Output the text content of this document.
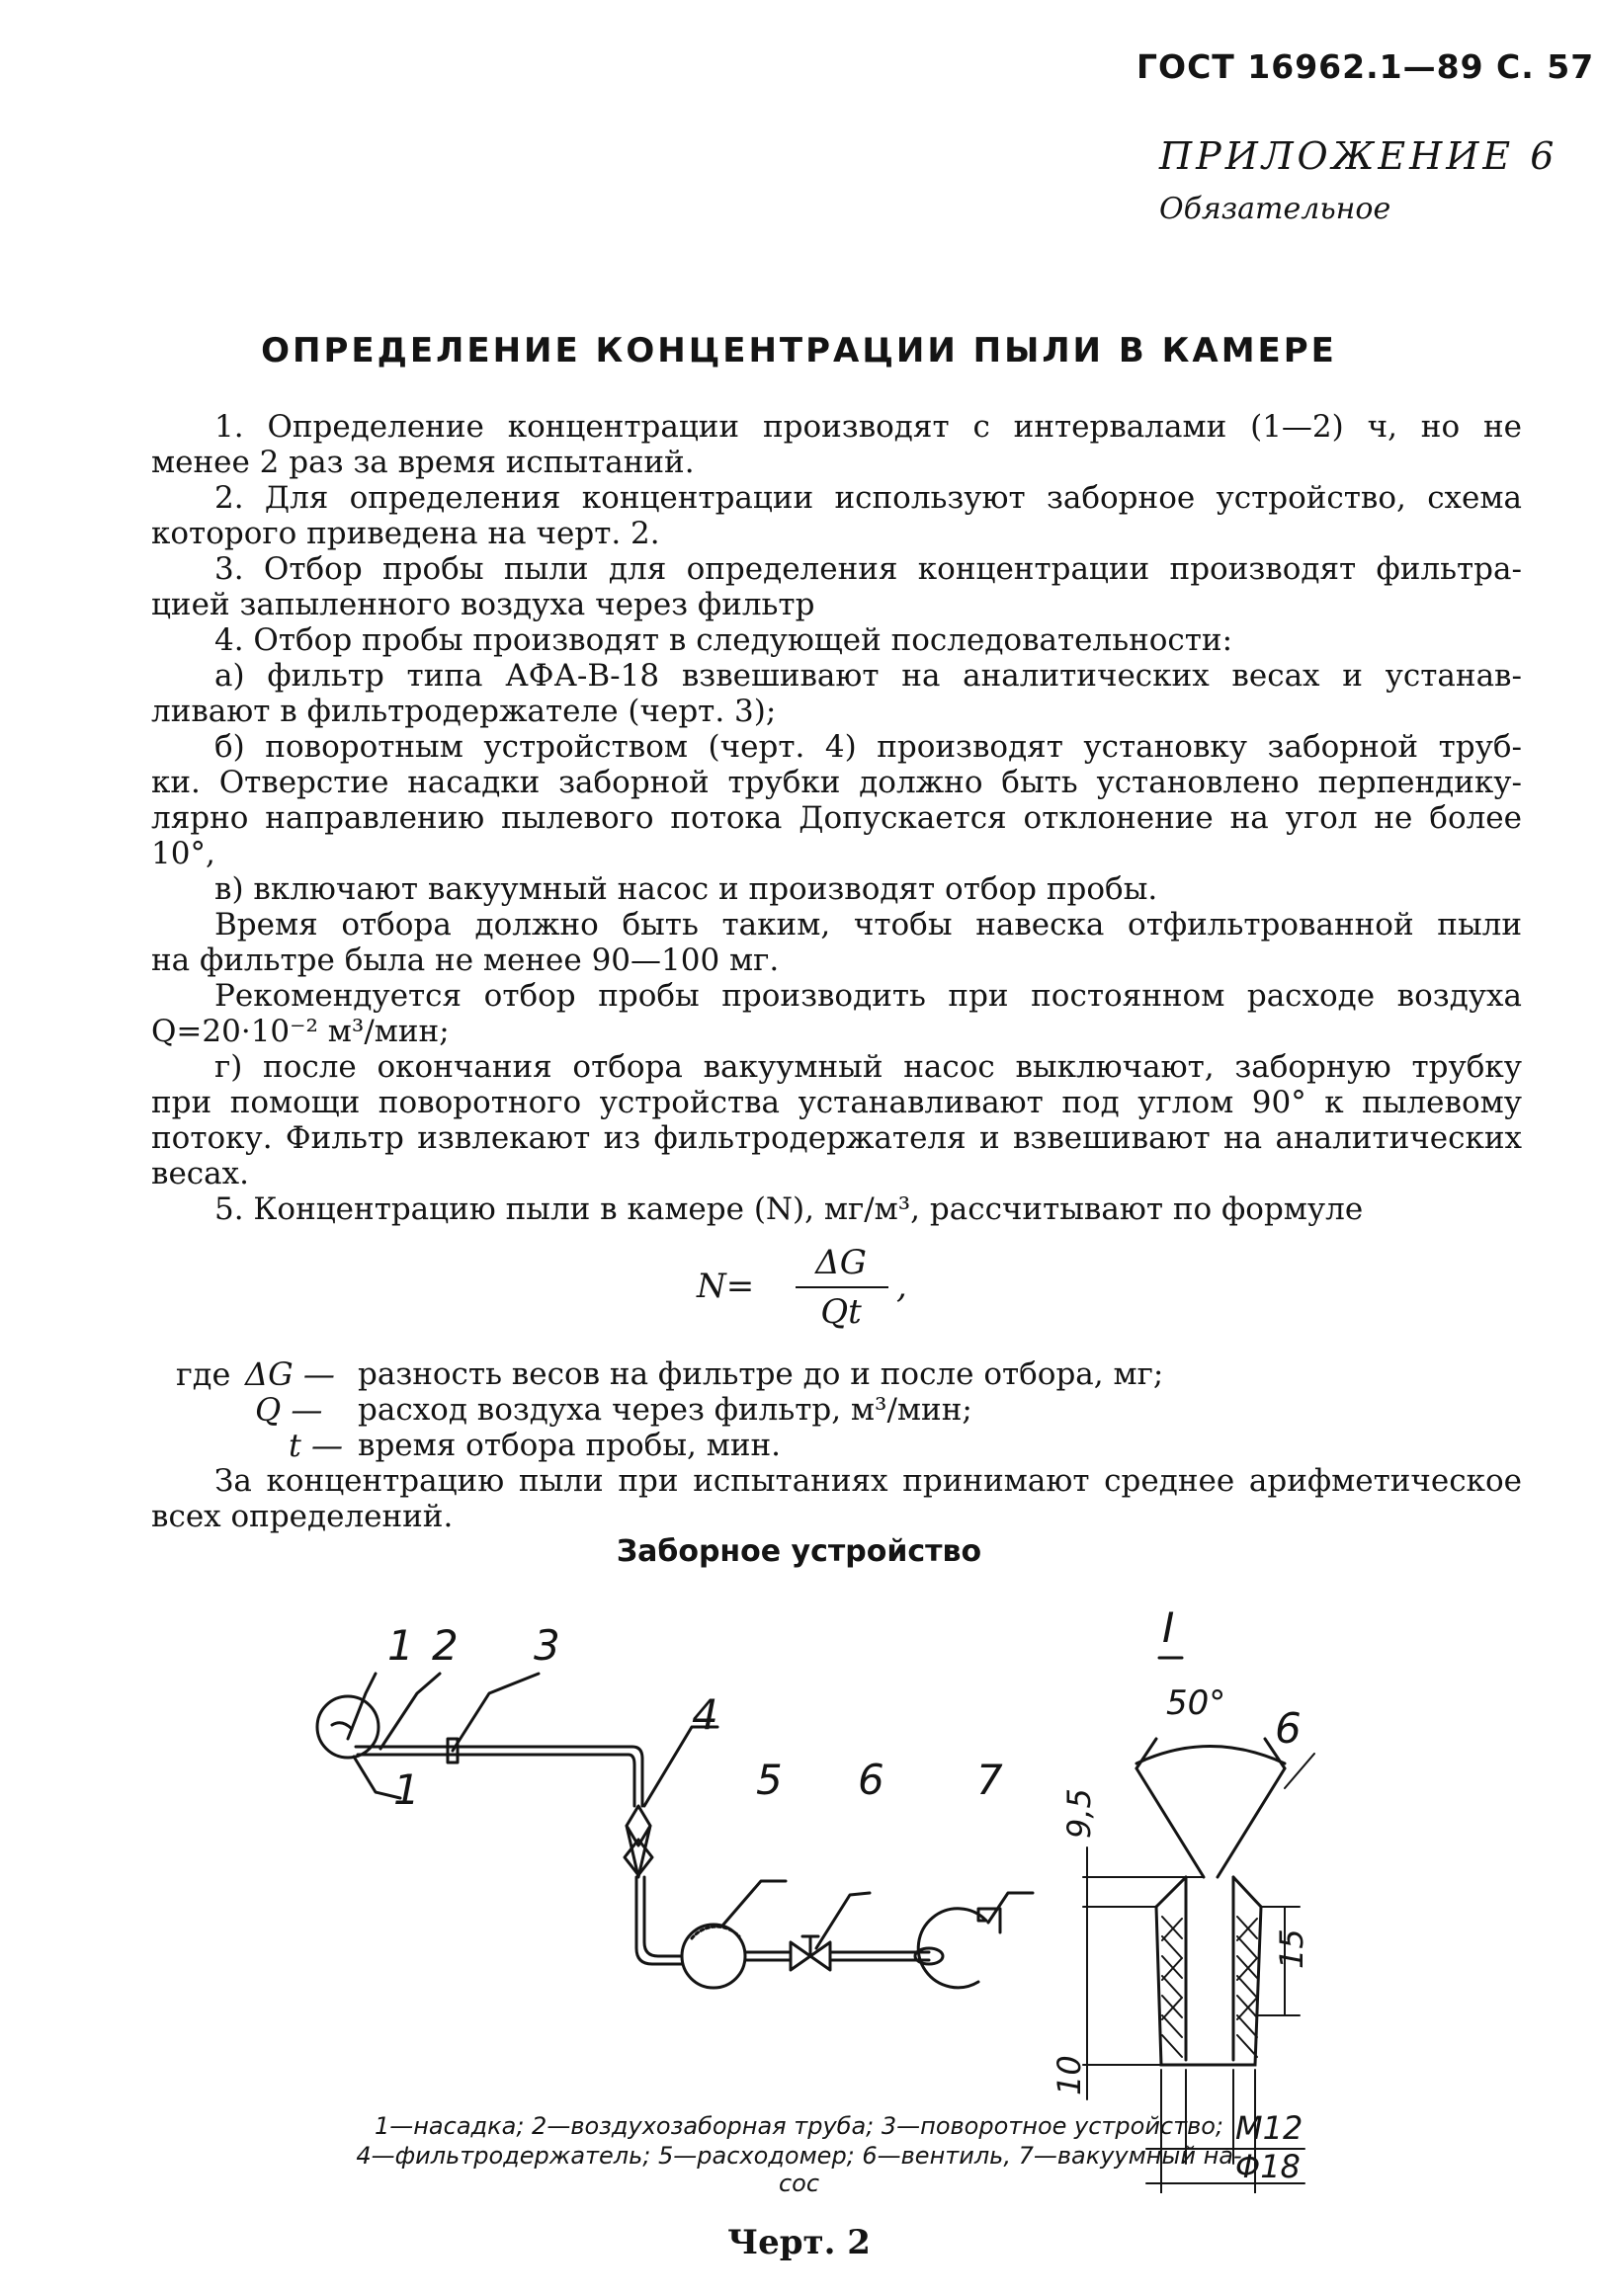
ГОСТ 16962.1—89 С. 57
ПРИЛОЖЕНИЕ 6
Обязательное
ОПРЕДЕЛЕНИЕ КОНЦЕНТРАЦИИ ПЫЛИ В КАМЕРЕ
1. Определение концентрации производят с интервалами (1—2) ч, но не
менее 2 раз за время испытаний.
2. Для определения концентрации используют заборное устройство, схема
которого приведена на черт. 2.
3. Отбор пробы пыли для определения концентрации производят фильтра-
цией запыленного воздуха через фильтр
4. Отбор пробы производят в следующей последовательности:
а) фильтр типа АФА-В-18 взвешивают на аналитических весах и устанав-
ливают в фильтродержателе (черт. 3);
б) поворотным устройством (черт. 4) производят установку заборной труб-
ки. Отверстие насадки заборной трубки должно быть установлено перпендику-
лярно направлению пылевого потока Допускается отклонение на угол не более
10°,
в) включают вакуумный насос и производят отбор пробы.
Время отбора должно быть таким, чтобы навеска отфильтрованной пыли
на фильтре была не менее 90—100 мг.
Рекомендуется отбор пробы производить при постоянном расходе воздуха
Q=20·10⁻² м³/мин;
г) после окончания отбора вакуумный насос выключают, заборную трубку
при помощи поворотного устройства устанавливают под углом 90° к пылевому
потоку. Фильтр извлекают из фильтродержателя и взвешивают на аналитических
весах.
5. Концентрацию пыли в камере (N), мг/м³, рассчитывают по формуле
N=
ΔG
Qt
,
где ΔG — разность весов на фильтре до и после отбора, мг;
Q — расход воздуха через фильтр, м³/мин;
t — время отбора пробы, мин.
За концентрацию пыли при испытаниях принимают среднее арифметическое
всех определений.
Заборное устройство
1 2 3
4
5 6 7
1
I
50°
6
9,5
15
10
M12
Φ18
1—насадка; 2—воздухозаборная труба; 3—поворотное устройство;
4—фильтродержатель; 5—расходомер; 6—вентиль, 7—вакуумный на-
сос
Черт. 2
